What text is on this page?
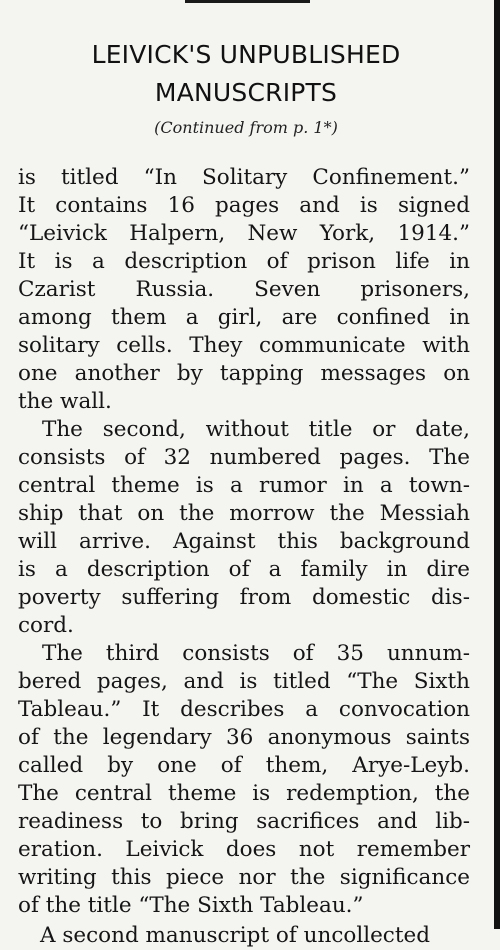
LEIVICK'S UNPUBLISHED
MANUSCRIPTS
(Continued from p. 1*)
is titled “In Solitary Confinement.”
It contains 16 pages and is signed
“Leivick Halpern, New York, 1914.”
It is a description of prison life in
Czarist Russia. Seven prisoners,
among them a girl, are confined in
solitary cells. They communicate with
one another by tapping messages on
the wall.
The second, without title or date,
consists of 32 numbered pages. The
central theme is a rumor in a town-
ship that on the morrow the Messiah
will arrive. Against this background
is a description of a family in dire
poverty suffering from domestic dis-
cord.
The third consists of 35 unnum-
bered pages, and is titled “The Sixth
Tableau.” It describes a convocation
of the legendary 36 anonymous saints
called by one of them, Arye-Leyb.
The central theme is redemption, the
readiness to bring sacrifices and lib-
eration. Leivick does not remember
writing this piece nor the significance
of the title “The Sixth Tableau.”
A second manuscript of uncollected
